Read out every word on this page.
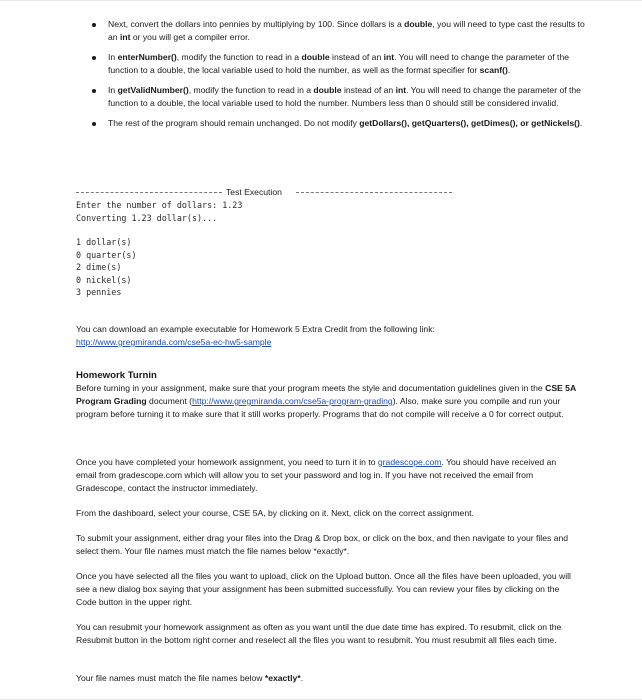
Next, convert the dollars into pennies by multiplying by 100. Since dollars is a double, you will need to type cast the results to an int or you will get a compiler error.
In enterNumber(), modify the function to read in a double instead of an int. You will need to change the parameter of the function to a double, the local variable used to hold the number, as well as the format specifier for scanf().
In getValidNumber(), modify the function to read in a double instead of an int. You will need to change the parameter of the function to a double, the local variable used to hold the number. Numbers less than 0 should still be considered invalid.
The rest of the program should remain unchanged. Do not modify getDollars(), getQuarters(), getDimes(), or getNickels().
Test Execution
Enter the number of dollars: 1.23
Converting 1.23 dollar(s)...
1 dollar(s)
0 quarter(s)
2 dime(s)
0 nickel(s)
3 pennies

You can download an example executable for Homework 5 Extra Credit from the following link:
http://www.gregmiranda.com/cse5a-ec-hw5-sample

Homework Turnin

Before turning in your assignment, make sure that your program meets the style and documentation guidelines given in the CSE 5A Program Grading document (http://www.gregmiranda.com/cse5a-program-grading). Also, make sure you compile and run your program before turning it to make sure that it still works properly. Programs that do not compile will receive a 0 for correct output.

Once you have completed your homework assignment, you need to turn it in to gradescope.com. You should have received an email from gradescope.com which will allow you to set your password and log in. If you have not received the email from Gradescope, contact the instructor immediately.

From the dashboard, select your course, CSE 5A, by clicking on it. Next, click on the correct assignment.

To submit your assignment, either drag your files into the Drag & Drop box, or click on the box, and then navigate to your files and select them. Your file names must match the file names below *exactly*.

Once you have selected all the files you want to upload, click on the Upload button. Once all the files have been uploaded, you will see a new dialog box saying that your assignment has been submitted successfully. You can review your files by clicking on the Code button in the upper right.

You can resubmit your homework assignment as often as you want until the due date time has expired. To resubmit, click on the Resubmit button in the bottom right corner and reselect all the files you want to resubmit. You must resubmit all files each time.

Your file names must match the file names below *exactly*.
